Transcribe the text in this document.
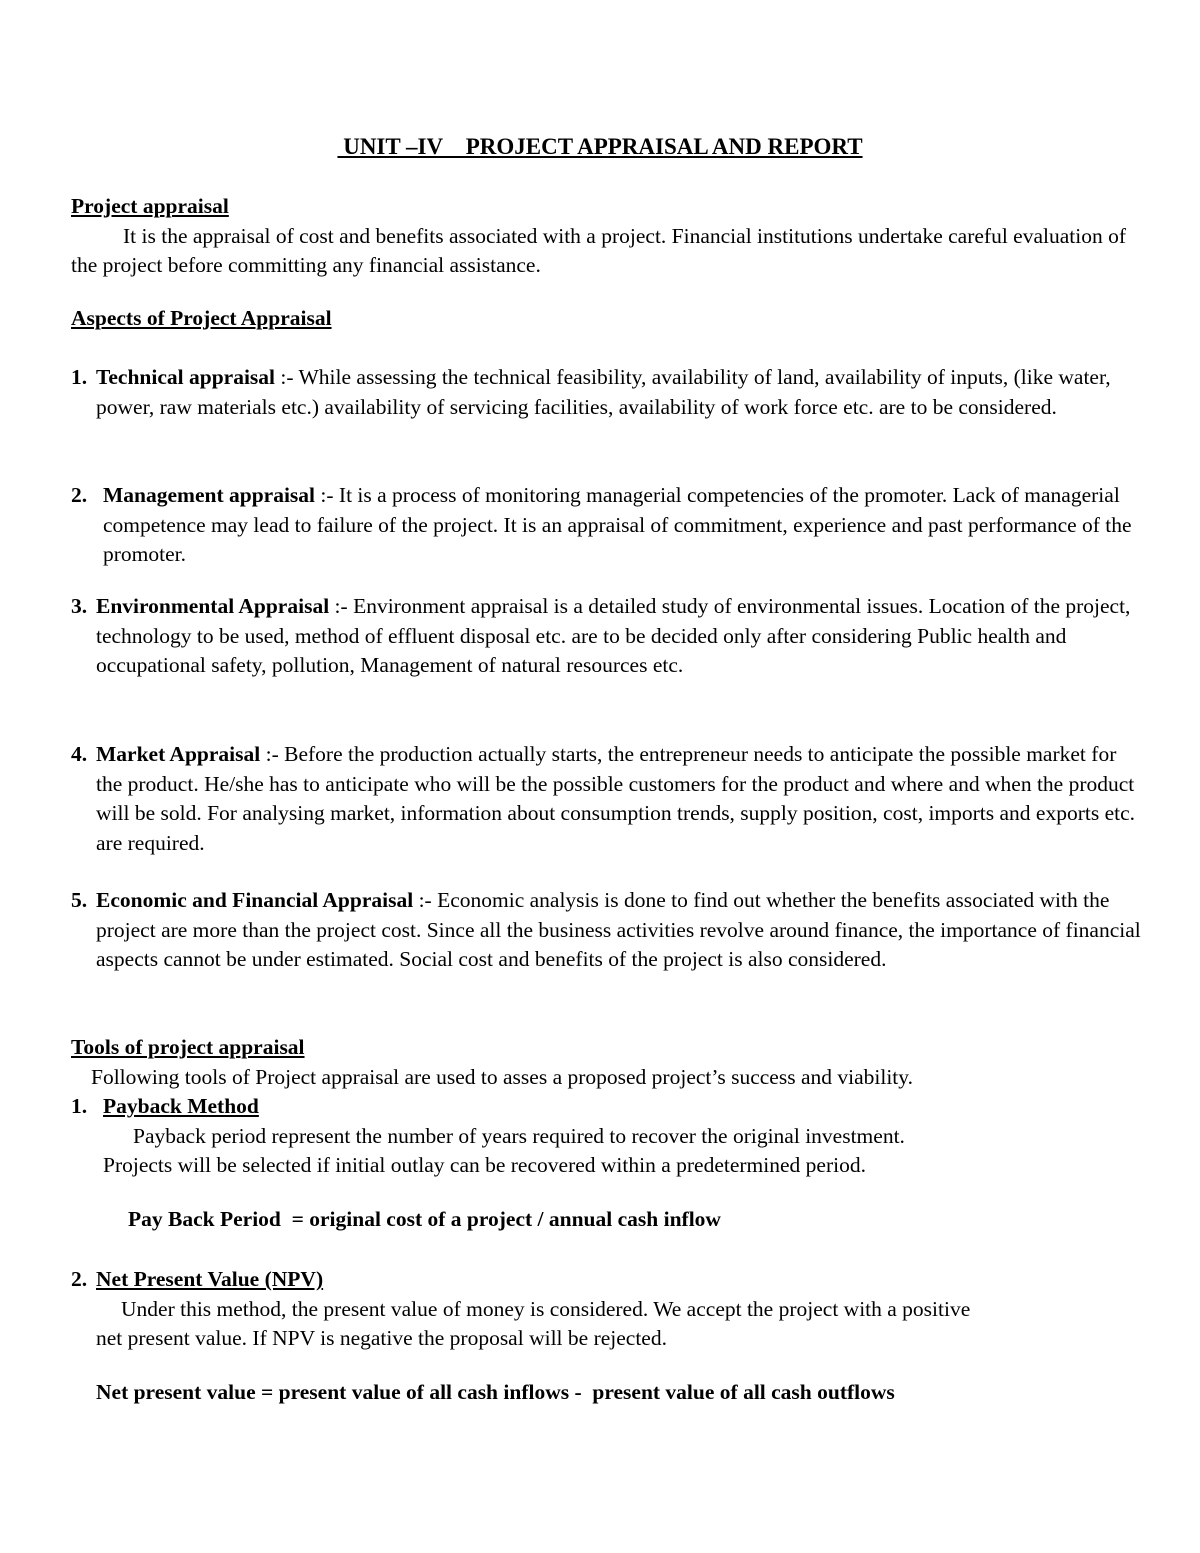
UNIT –IV    PROJECT APPRAISAL AND REPORT
Project appraisal
It is the appraisal of cost and benefits associated with a project. Financial institutions undertake careful evaluation of the project before committing any financial assistance.
Aspects of Project Appraisal
1. Technical appraisal :- While assessing the technical feasibility, availability of land, availability of inputs, (like water, power, raw materials etc.) availability of servicing facilities, availability of work force etc. are to be considered.
2. Management appraisal :- It is a process of monitoring managerial competencies of the promoter. Lack of managerial competence may lead to failure of the project. It is an appraisal of commitment, experience and past performance of the promoter.
3. Environmental Appraisal :- Environment appraisal is a detailed study of environmental issues. Location of the project, technology to be used, method of effluent disposal etc. are to be decided only after considering Public health and occupational safety, pollution, Management of natural resources etc.
4. Market Appraisal :- Before the production actually starts, the entrepreneur needs to anticipate the possible market for the product. He/she has to anticipate who will be the possible customers for the product and where and when the product will be sold. For analysing market, information about consumption trends, supply position, cost, imports and exports etc. are required.
5. Economic and Financial Appraisal :- Economic analysis is done to find out whether the benefits associated with the project are more than the project cost. Since all the business activities revolve around finance, the importance of financial aspects cannot be under estimated. Social cost and benefits of the project is also considered.
Tools of project appraisal
Following tools of Project appraisal are used to asses a proposed project’s success and viability.
1. Payback Method
Payback period represent the number of years required to recover the original investment.
Projects will be selected if initial outlay can be recovered within a predetermined period.
Pay Back Period  = original cost of a project / annual cash inflow
2. Net Present Value (NPV)
Under this method, the present value of money is considered. We accept the project with a positive
net present value. If NPV is negative the proposal will be rejected.
Net present value = present value of all cash inflows -  present value of all cash outflows
